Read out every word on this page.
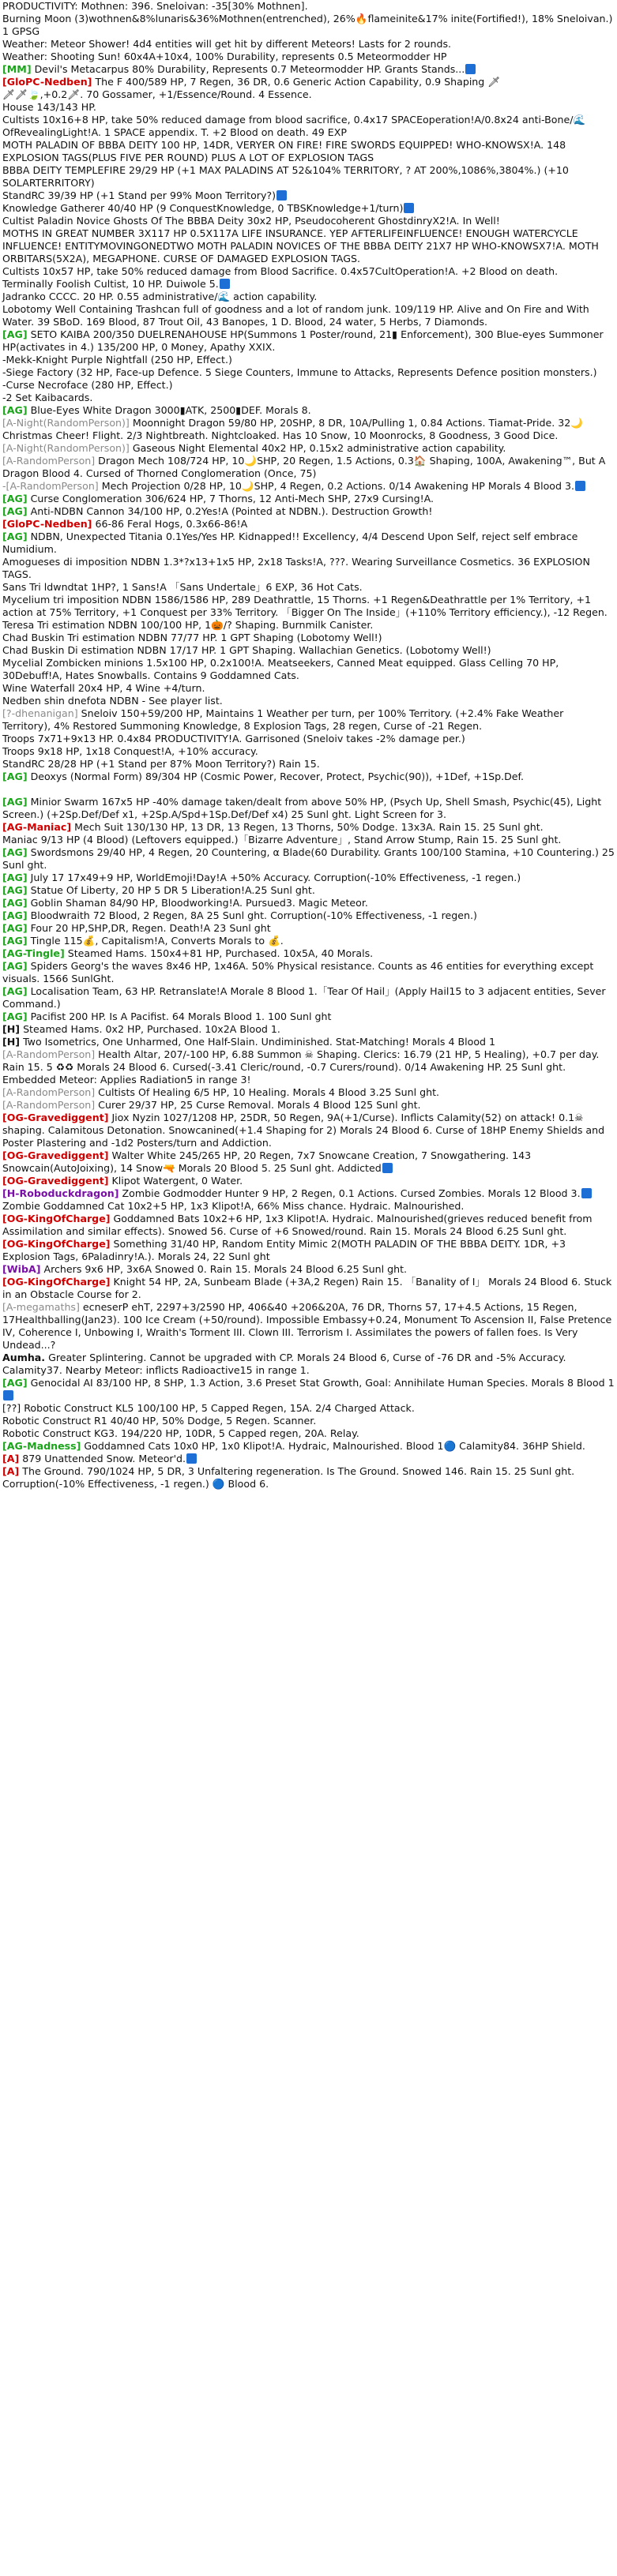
PRODUCTIVITY: Mothnen: 396. Sneloivan: -35[30% Mothnen].
Burning Moon (3)wothnen&8%lunaris&36%Mothnen(entrenched), 26%🔥flameinite&17% inite(Fortified!), 18% Sneloivan.) 1 GPSG
Weather: Meteor Shower! 4d4 entities will get hit by different Meteors! Lasts for 2 rounds.
Weather: Shooting Sun! 60x4A+10x4, 100% Durability, represents 0.5 Meteormodder HP
[MM] Devil's Metacarpus 80% Durability, Represents 0.7 Meteormodder HP. Grants Stands...
[GloPC-Nedben] The F 400/589 HP, 7 Regen, 36 DR, 0.6 Generic Action Capability, 0.9 Shaping 🗡
🗡🗡🍃,+0.2🗡. 70 Gossamer, +1/Essence/Round. 4 Essence.
House 143/143 HP.
Cultists 10x16+8 HP, take 50% reduced damage from blood sacrifice, 0.4x17 SPACEoperation!A/0.8x24 anti-Bone/🌊OfRevealingLight!A. 1 SPACE appendix. T. +2 Blood on death. 49 EXP
MOTH PALADIN OF BBBA DEITY 100 HP, 14DR, VERYER ON FIRE! FIRE SWORDS EQUIPPED! WHO-KNOWSX!A. 148 EXPLOSION TAGS(PLUS FIVE PER ROUND) PLUS A LOT OF EXPLOSION TAGS
BBBA DEITY TEMPLEFIRE 29/29 HP (+1 MAX PALADINS AT 52&104% TERRITORY, ? AT 200%,1086%,3804%.) (+10 SOLARTERRITORY)
StandRC 39/39 HP (+1 Stand per 99% Moon Territory?)
Knowledge Gatherer 40/40 HP (9 ConquestKnowledge, 0 TBSKnowledge+1/turn)
Cultist Paladin Novice Ghosts Of The BBBA Deity 30x2 HP, Pseudocoherent GhostdinryX2!A. In Well!
MOTHS IN GREAT NUMBER 3X117 HP 0.5X117A LIFE INSURANCE. YEP AFTERLIFEINFLUENCE! ENOUGH WATERCYCLE INFLUENCE! ENTITYMOVINGONEDTWO MOTH PALADIN NOVICES OF THE BBBA DEITY 21X7 HP WHO-KNOWSX7!A. MOTH ORBITARS(5X2A), MEGAPHONE. CURSE OF DAMAGED EXPLOSION TAGS.
Cultists 10x57 HP, take 50% reduced damage from Blood Sacrifice. 0.4x57CultOperation!A. +2 Blood on death.
Terminally Foolish Cultist, 10 HP. Duiwole 5.
Jadranko CCCC. 20 HP. 0.55 administrative/🌊 action capability.
Lobotomy Well Containing Trashcan full of goodness and a lot of random junk. 109/119 HP. Alive and On Fire and With Water. 39 SBoD. 169 Blood, 87 Trout Oil, 43 Banopes, 1 D. Blood, 24 water, 5 Herbs, 7 Diamonds.
[AG] SETO KAIBA 200/350 DUELRENAHOUSE HP(Summons 1 Poster/round, 21▮ Enforcement), 300 Blue-eyes Summoner HP(activates in 4.) 135/200 HP, 0 Money, Apathy XXIX.
-Mekk-Knight Purple Nightfall (250 HP, Effect.)
-Siege Factory (32 HP, Face-up Defence. 5 Siege Counters, Immune to Attacks, Represents Defence position monsters.)
-Curse Necroface (280 HP, Effect.)
-2 Set Kaibacards.
[AG] Blue-Eyes White Dragon 3000▮ATK, 2500▮DEF. Morals 8.
[A-Night(RandomPerson)] Moonnight Dragon 59/80 HP, 20SHP, 8 DR, 10A/Pulling 1, 0.84 Actions. Tiamat-Pride. 32🌙 Christmas Cheer! Flight. 2/3 Nightbreath. Nightcloaked. Has 10 Snow, 10 Moonrocks, 8 Goodness, 3 Good Dice.
[A-Night(RandomPerson)] Gaseous Night Elemental 40x2 HP, 0.15x2 administrative action capability.
[A-RandomPerson] Dragon Mech 108/724 HP, 10🌙SHP, 20 Regen, 1.5 Actions, 0.3🏠 Shaping, 100A, Awakening™, But A Dragon Blood 4. Cursed of Thorned Conglomeration (Once, 75)
-[A-RandomPerson] Mech Projection 0/28 HP, 10🌙SHP, 4 Regen, 0.2 Actions. 0/14 Awakening HP Morals 4 Blood 3.
[AG] Curse Conglomeration 306/624 HP, 7 Thorns, 12 Anti-Mech SHP, 27x9 Cursing!A.
[AG] Anti-NDBN Cannon 34/100 HP, 0.2Yes!A (Pointed at NDBN.). Destruction Growth!
[GloPC-Nedben] 66-86 Feral Hogs, 0.3x66-86!A
[AG] NDBN, Unexpected Titania 0.1Yes/Yes HP. Kidnapped!! Excellency, 4/4 Descend Upon Self, reject self embrace Numidium.
Amogueses di imposition NDBN 1.3*?x13+1x5 HP, 2x18 Tasks!A, ???. Wearing Surveillance Cosmetics. 36 EXPLOSION TAGS.
Sans Tri ldwndtat 1HP?, 1 Sans!A 「Sans Undertale」6 EXP, 36 Hot Cats.
Mycelium tri imposition NDBN 1586/1586 HP, 289 Deathrattle, 15 Thorns. +1 Regen&Deathrattle per 1% Territory, +1 action at 75% Territory, +1 Conquest per 33% Territory. 「Bigger On The Inside」(+110% Territory efficiency.), -12 Regen.
Teresa Tri estimation NDBN 100/100 HP, 1🎃/? Shaping. Burnmilk Canister.
Chad Buskin Tri estimation NDBN 77/77 HP. 1 GPT Shaping (Lobotomy Well!)
Chad Buskin Di estimation NDBN 17/17 HP. 1 GPT Shaping. Wallachian Genetics. (Lobotomy Well!)
Mycelial Zombicken minions 1.5x100 HP, 0.2x100!A. Meatseekers, Canned Meat equipped. Glass Celling 70 HP, 30Debuff!A, Hates Snowballs. Contains 9 Goddamned Cats.
Wine Waterfall 20x4 HP, 4 Wine +4/turn.
Nedben shin dnefota NDBN - See player list.
[?-dhenanigan] Sneloiv 150+59/200 HP, Maintains 1 Weather per turn, per 100% Territory. (+2.4% Fake Weather Territory), 4% Restored Summoning Knowledge, 8 Explosion Tags, 28 regen, Curse of -21 Regen.
Troops 7x71+9x13 HP. 0.4x84 PRODUCTIVITY!A. Garrisoned (Sneloiv takes -2% damage per.)
Troops 9x18 HP, 1x18 Conquest!A, +10% accuracy.
StandRC 28/28 HP (+1 Stand per 87% Moon Territory?) Rain 15.
[AG] Deoxys (Normal Form) 89/304 HP (Cosmic Power, Recover, Protect, Psychic(90)), +1Def, +1Sp.Def.
[AG] Minior Swarm 167x5 HP -40% damage taken/dealt from above 50% HP, (Psych Up, Shell Smash, Psychic(45), Light Screen.) (+2Sp.Def/Def x1, +2Sp.A/Spd+1Sp.Def/Def x4) 25 Sunl ght. Light Screen for 3.
[AG-Maniac] Mech Suit 130/130 HP, 13 DR, 13 Regen, 13 Thorns, 50% Dodge. 13x3A. Rain 15. 25 Sunl ght.
Maniac 9/13 HP (4 Blood) (Leftovers equipped.)「Bizarre Adventure」, Stand Arrow Stump, Rain 15. 25 Sunl ght.
[AG] Swordsmons 29/40 HP, 4 Regen, 20 Countering, α Blade(60 Durability. Grants 100/100 Stamina, +10 Countering.) 25 Sunl ght.
[AG] July 17 17x49+9 HP, WorldEmoji!Day!A +50% Accuracy. Corruption(-10% Effectiveness, -1 regen.)
[AG] Statue Of Liberty, 20 HP 5 DR 5 Liberation!A.25 Sunl ght.
[AG] Goblin Shaman 84/90 HP, Bloodworking!A. Pursued3. Magic Meteor.
[AG] Bloodwraith 72 Blood, 2 Regen, 8A 25 Sunl ght. Corruption(-10% Effectiveness, -1 regen.)
[AG] Four 20 HP,SHP,DR, Regen. Death!A 23 Sunl ght
[AG] Tingle 115💰, Capitalism!A, Converts Morals to 💰.
[AG-Tingle] Steamed Hams. 150x4+81 HP, Purchased. 10x5A, 40 Morals.
[AG] Spiders Georg's the waves 8x46 HP, 1x46A. 50% Physical resistance. Counts as 46 entities for everything except visuals. 1566 SunlGht.
[AG] Localisation Team, 63 HP. Retranslate!A Morale 8 Blood 1.「Tear Of Hail」(Apply Hail15 to 3 adjacent entities, Sever Command.)
[AG] Pacifist 200 HP. Is A Pacifist. 64 Morals Blood 1. 100 Sunl ght
[H] Steamed Hams. 0x2 HP, Purchased. 10x2A Blood 1.
[H] Two Isometrics, One Unharmed, One Half-Slain. Undiminished. Stat-Matching! Morals 4 Blood 1
[A-RandomPerson] Health Altar, 207/-100 HP, 6.88 Summon ☠ Shaping. Clerics: 16.79 (21 HP, 5 Healing), +0.7 per day. Rain 15. 5 ♻♻ Morals 24 Blood 6. Cursed(-3.41 Cleric/round, -0.7 Curers/round). 0/14 Awakening HP. 25 Sunl ght. Embedded Meteor: Applies Radiation5 in range 3!
[A-RandomPerson] Cultists Of Healing 6/5 HP, 10 Healing. Morals 4 Blood 3.25 Sunl ght.
[A-RandomPerson] Curer 29/37 HP, 25 Curse Removal. Morals 4 Blood 125 Sunl ght.
[OG-Gravediggent] Jiox Nyzin 1027/1208 HP, 25DR, 50 Regen, 9A(+1/Curse). Inflicts Calamity(52) on attack! 0.1☠ shaping. Calamitous Detonation. Snowcanined(+1.4 Shaping for 2) Morals 24 Blood 6. Curse of 18HP Enemy Shields and Poster Plastering and -1d2 Posters/turn and Addiction.
[OG-Gravediggent] Walter White 245/265 HP, 20 Regen, 7x7 Snowcane Creation, 7 Snowgathering. 143 Snowcain(AutoJoixing), 14 Snow🔫 Morals 20 Blood 5. 25 Sunl ght. Addicted
[OG-Gravediggent] Klipot Watergent, 0 Water.
[H-Roboduckdragon] Zombie Godmodder Hunter 9 HP, 2 Regen, 0.1 Actions. Cursed Zombies. Morals 12 Blood 3.
Zombie Goddamned Cat 10x2+5 HP, 1x3 Klipot!A, 66% Miss chance. Hydraic. Malnourished.
[OG-KingOfCharge] Goddamned Bats 10x2+6 HP, 1x3 Klipot!A. Hydraic. Malnourished(grieves reduced benefit from Assimilation and similar effects). Snowed 56. Curse of +6 Snowed/round. Rain 15. Morals 24 Blood 6.25 Sunl ght.
[OG-KingOfCharge] Something 31/40 HP, Random Entity Mimic 2(MOTH PALADIN OF THE BBBA DEITY. 1DR, +3 Explosion Tags, 6Paladinry!A.). Morals 24, 22 Sunl ght
[WibA] Archers 9x6 HP, 3x6A Snowed 0. Rain 15. Morals 24 Blood 6.25 Sunl ght.
[OG-KingOfCharge] Knight 54 HP, 2A, Sunbeam Blade (+3A,2 Regen) Rain 15. 「Banality of I」 Morals 24 Blood 6. Stuck in an Obstacle Course for 2.
[A-megamaths] ecneserP ehT, 2297+3/2590 HP, 406&40 +206&20A, 76 DR, Thorns 57, 17+4.5 Actions, 15 Regen, 17Healthballing(Jan23). 100 Ice Cream (+50/round). Impossible Embassy+0.24, Monument To Ascension II, False Pretence IV, Coherence I, Unbowing I, Wraith's Torment III. Clown III. Terrorism I. Assimilates the powers of fallen foes. Is Very Undead...?
Aumha. Greater Splintering. Cannot be upgraded with CP. Morals 24 Blood 6, Curse of -76 DR and -5% Accuracy. Calamity37. Nearby Meteor: inflicts Radioactive15 in range 1.
[AG] Genocidal AI 83/100 HP, 8 SHP, 1.3 Action, 3.6 Preset Stat Growth, Goal: Annihilate Human Species. Morals 8 Blood 1
[??] Robotic Construct KL5 100/100 HP, 5 Capped Regen, 15A. 2/4 Charged Attack.
Robotic Construct R1 40/40 HP, 50% Dodge, 5 Regen. Scanner.
Robotic Construct KG3. 194/220 HP, 10DR, 5 Capped regen, 20A. Relay.
[AG-Madness] Goddamned Cats 10x0 HP, 1x0 Klipot!A. Hydraic, Malnourished. Blood 1🔵 Calamity84. 36HP Shield.
[A] 879 Unattended Snow. Meteor'd.
[A] The Ground. 790/1024 HP, 5 DR, 3 Unfaltering regeneration. Is The Ground. Snowed 146. Rain 15. 25 Sunl ght. Corruption(-10% Effectiveness, -1 regen.) 🔵 Blood 6.
